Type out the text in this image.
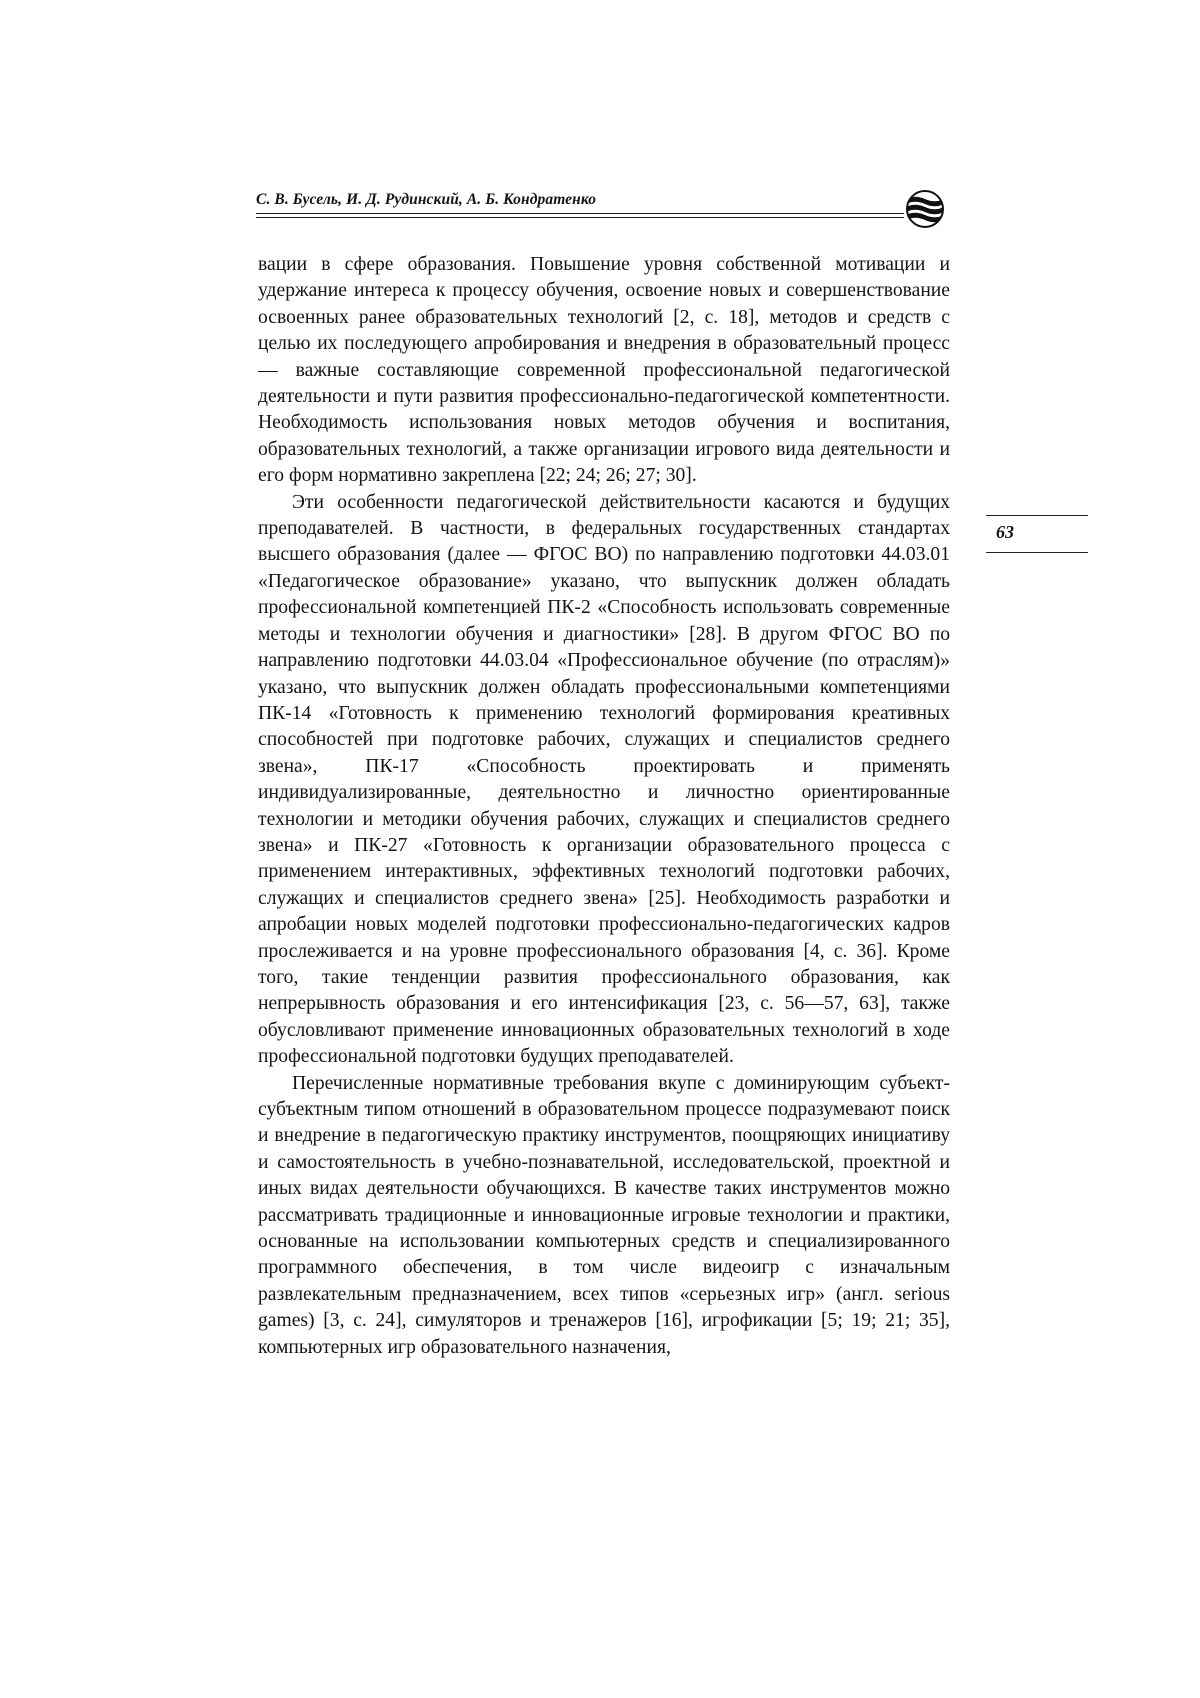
С. В. Бусель, И. Д. Рудинский, А. Б. Кондратенко

вации в сфере образования. Повышение уровня собственной мотивации и удержание интереса к процессу обучения, освоение новых и совершенствование освоенных ранее образовательных технологий [2, с. 18], методов и средств с целью их последующего апробирования и внедрения в образовательный процесс — важные составляющие современной профессиональной педагогической деятельности и пути развития профессионально-педагогической компетентности. Необходимость использования новых методов обучения и воспитания, образовательных технологий, а также организации игрового вида деятельности и его форм нормативно закреплена [22; 24; 26; 27; 30].

Эти особенности педагогической действительности касаются и будущих преподавателей. В частности, в федеральных государственных стандартах высшего образования (далее — ФГОС ВО) по направлению подготовки 44.03.01 «Педагогическое образование» указано, что выпускник должен обладать профессиональной компетенцией ПК-2 «Способность использовать современные методы и технологии обучения и диагностики» [28]. В другом ФГОС ВО по направлению подготовки 44.03.04 «Профессиональное обучение (по отраслям)» указано, что выпускник должен обладать профессиональными компетенциями ПК-14 «Готовность к применению технологий формирования креативных способностей при подготовке рабочих, служащих и специалистов среднего звена», ПК-17 «Способность проектировать и применять индивидуализированные, деятельностно и личностно ориентированные технологии и методики обучения рабочих, служащих и специалистов среднего звена» и ПК-27 «Готовность к организации образовательного процесса с применением интерактивных, эффективных технологий подготовки рабочих, служащих и специалистов среднего звена» [25]. Необходимость разработки и апробации новых моделей подготовки профессионально-педагогических кадров прослеживается и на уровне профессионального образования [4, с. 36]. Кроме того, такие тенденции развития профессионального образования, как непрерывность образования и его интенсификация [23, с. 56—57, 63], также обусловливают применение инновационных образовательных технологий в ходе профессиональной подготовки будущих преподавателей.

Перечисленные нормативные требования вкупе с доминирующим субъект-субъектным типом отношений в образовательном процессе подразумевают поиск и внедрение в педагогическую практику инструментов, поощряющих инициативу и самостоятельность в учебно-познавательной, исследовательской, проектной и иных видах деятельности обучающихся. В качестве таких инструментов можно рассматривать традиционные и инновационные игровые технологии и практики, основанные на использовании компьютерных средств и специализированного программного обеспечения, в том числе видеоигр с изначальным развлекательным предназначением, всех типов «серьезных игр» (англ. serious games) [3, с. 24], симуляторов и тренажеров [16], игрофикации [5; 19; 21; 35], компьютерных игр образовательного назначения,

63
